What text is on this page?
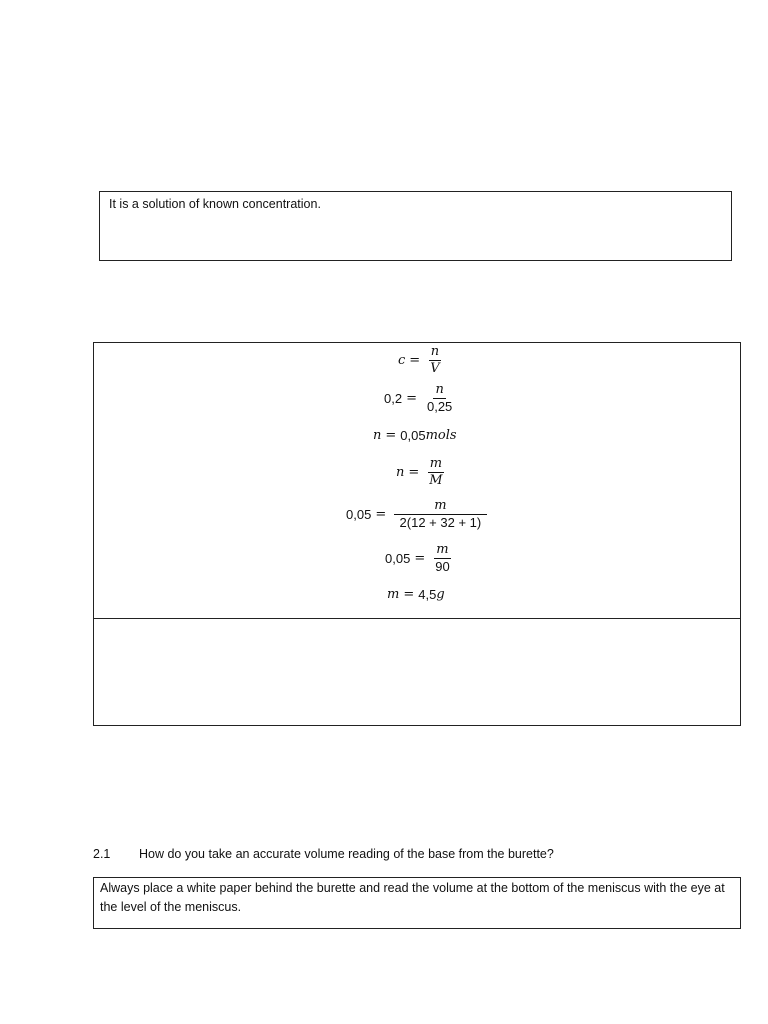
It is a solution of known concentration.
$c = \frac{n}{V}$
$0,2 = \frac{n}{0,25}$
n = 0,05 mols
$n = \frac{m}{M}$
$0,05 = \frac{m}{2(12 + 32 + 1)}$
$0,05 = \frac{m}{90}$
m = 4,5 g
2.1 How do you take an accurate volume reading of the base from the burette?
Always place a white paper behind the burette and read the volume at the bottom of the meniscus with the eye at the level of the meniscus.
